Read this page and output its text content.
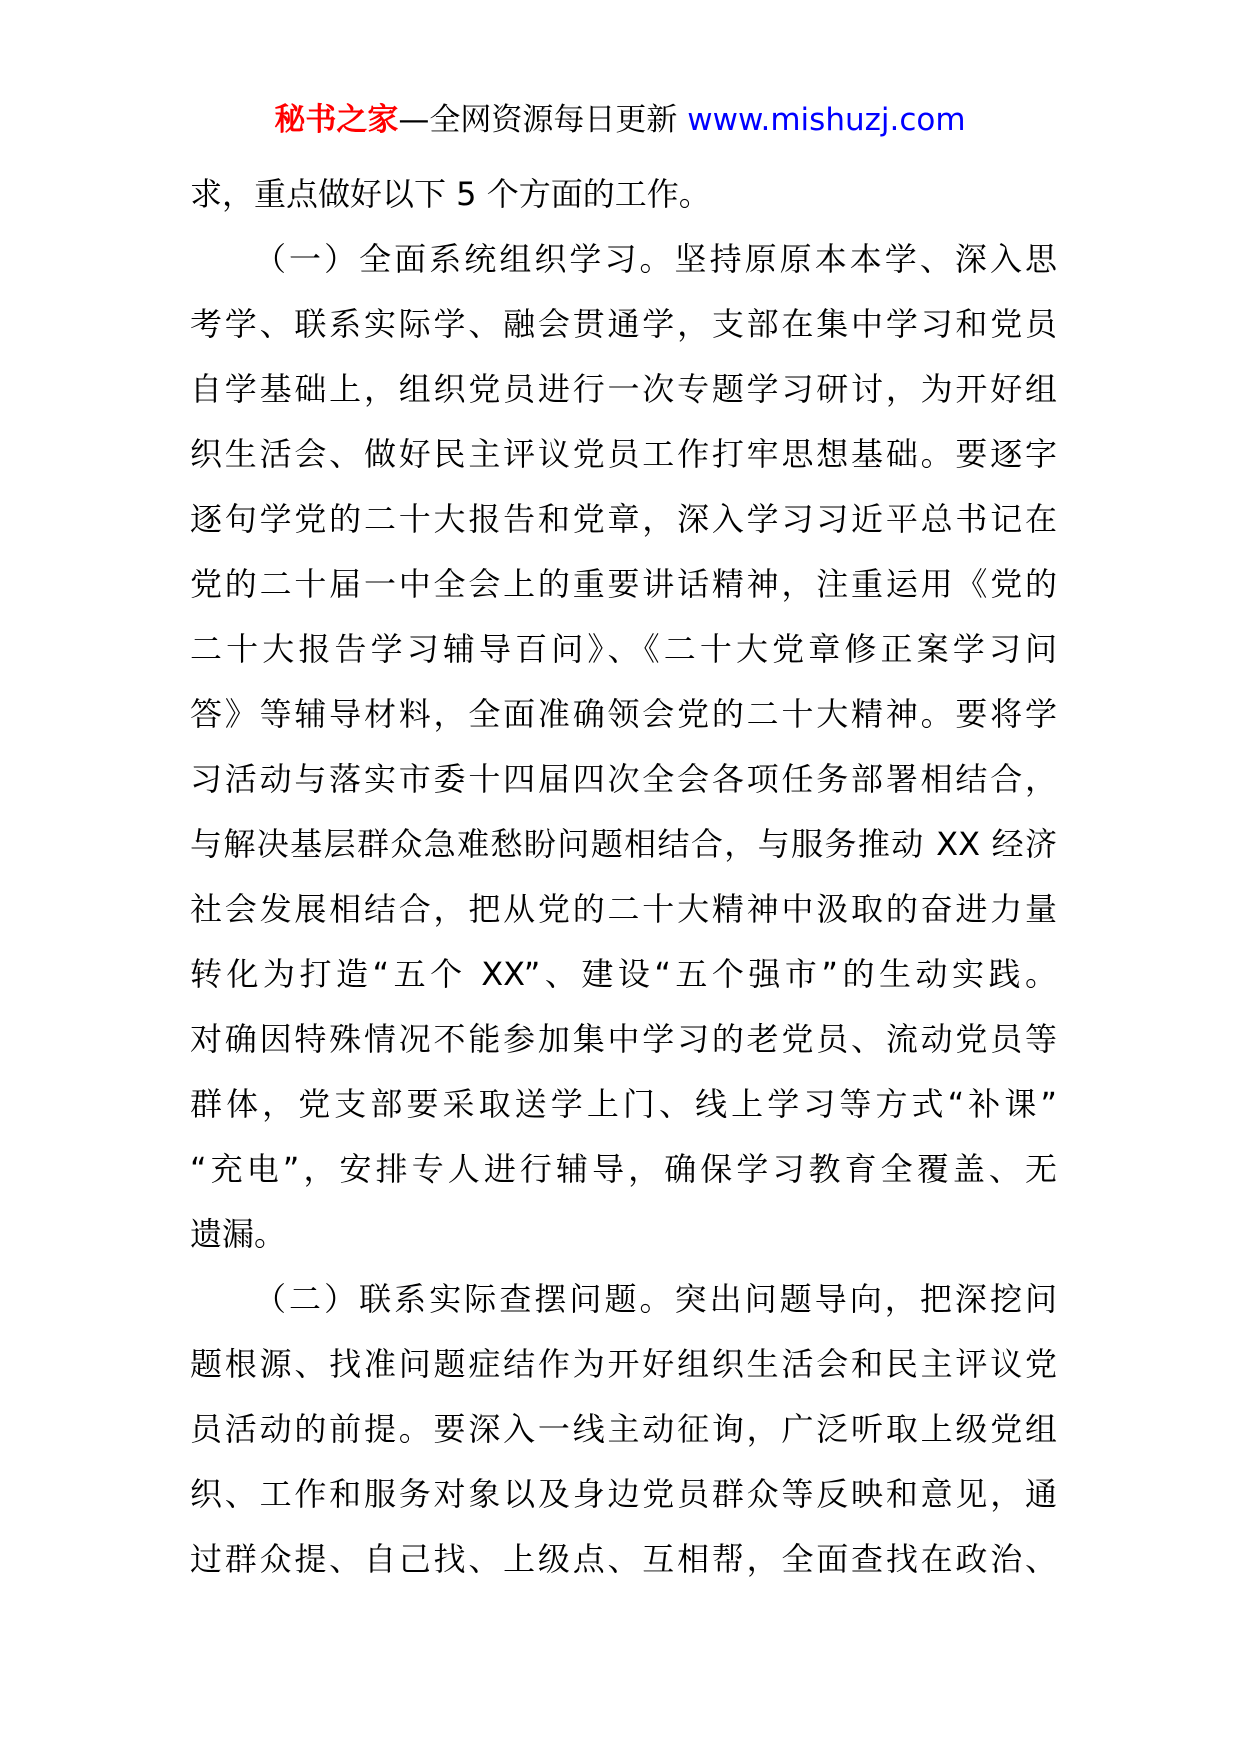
秘书之家—全网资源每日更新 www.mishuzj.com

求，重点做好以下 5 个方面的工作。

（一）全面系统组织学习。坚持原原本本学、深入思
考学、联系实际学、融会贯通学，支部在集中学习和党员
自学基础上，组织党员进行一次专题学习研讨，为开好组
织生活会、做好民主评议党员工作打牢思想基础。要逐字
逐句学党的二十大报告和党章，深入学习习近平总书记在
党的二十届一中全会上的重要讲话精神，注重运用《党的
二十大报告学习辅导百问》、《二十大党章修正案学习问
答》等辅导材料，全面准确领会党的二十大精神。要将学
习活动与落实市委十四届四次全会各项任务部署相结合，
与解决基层群众急难愁盼问题相结合，与服务推动 XX 经济
社会发展相结合，把从党的二十大精神中汲取的奋进力量
转化为打造“五个 XX”、建设“五个强市”的生动实践。
对确因特殊情况不能参加集中学习的老党员、流动党员等
群体，党支部要采取送学上门、线上学习等方式“补课”
“充电”，安排专人进行辅导，确保学习教育全覆盖、无
遗漏。

（二）联系实际查摆问题。突出问题导向，把深挖问
题根源、找准问题症结作为开好组织生活会和民主评议党
员活动的前提。要深入一线主动征询，广泛听取上级党组
织、工作和服务对象以及身边党员群众等反映和意见，通
过群众提、自己找、上级点、互相帮，全面查找在政治、
